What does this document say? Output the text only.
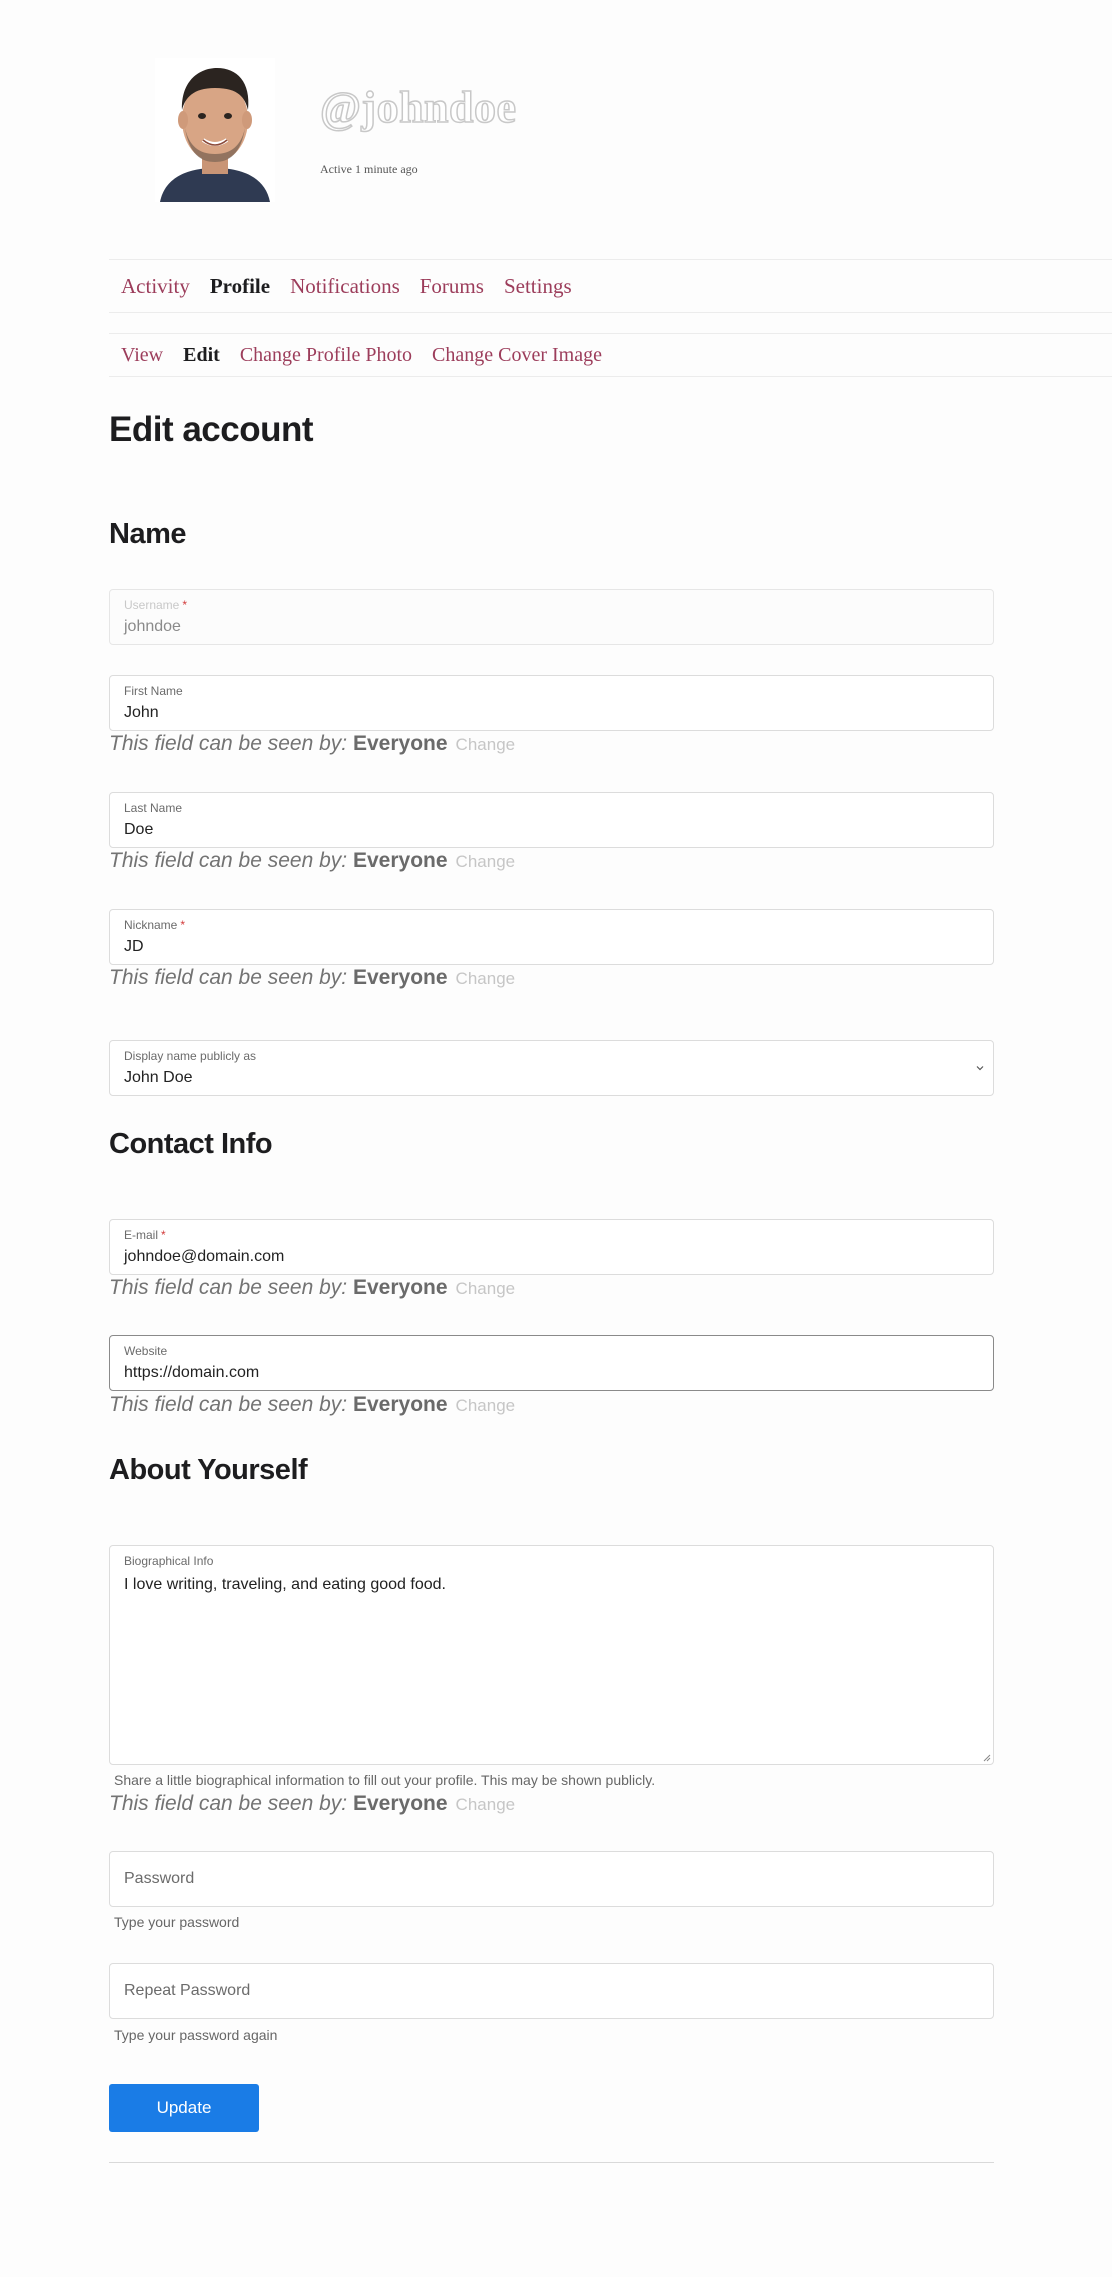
@johndoe
Active 1 minute ago
Activity Profile Notifications Forums Settings
View Edit Change Profile Photo Change Cover Image
Edit account
Name
Username *
johndoe
First Name
John
This field can be seen by: Everyone Change
Last Name
Doe
This field can be seen by: Everyone Change
Nickname *
JD
This field can be seen by: Everyone Change
Display name publicly as
John Doe
Contact Info
E-mail *
johndoe@domain.com
This field can be seen by: Everyone Change
Website
https://domain.com
This field can be seen by: Everyone Change
About Yourself
Biographical Info
I love writing, traveling, and eating good food.
Share a little biographical information to fill out your profile. This may be shown publicly.
This field can be seen by: Everyone Change
Password
Type your password
Repeat Password
Type your password again
Update
